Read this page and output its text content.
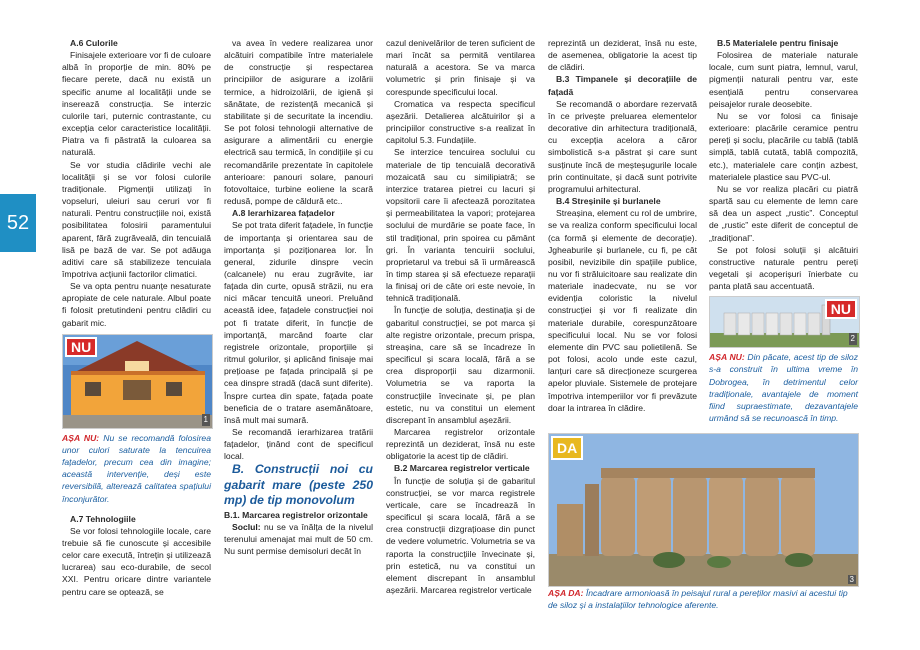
52

A.6 Culorile

Finisajele exterioare vor fi de culoare albă în proporție de min. 80% pe fiecare perete, dacă nu există un specific anume al localității unde se inserează construcția. Se interzic culorile tari, puternic contrastante, cu excepția celor caracteristice localității. Piatra va fi păstrată la culoarea sa naturală.

Se vor studia clădirile vechi ale localității și se vor folosi culorile tradiționale. Pigmenții utilizați în vopseluri, uleiuri sau ceruri vor fi naturali. Pentru construcțiile noi, există posibilitatea folosirii paramentului aparent, fără zugrăveală, din tencuială lisă pe bază de var. Se pot adăuga aditivi care să stabilizeze tencuiala împotriva acțiunii factorilor climatici.

Se va opta pentru nuanțe nesaturate apropiate de cele naturale. Albul poate fi folosit pretutindeni pentru clădiri cu gabarit mic.

NU
1

AȘA NU: Nu se recomandă folosirea unor culori saturate la tencuirea fațadelor, precum cea din imagine; această intervenție, deși este reversibilă, alterează calitatea spațiului înconjurător.

A.7 Tehnologiile

Se vor folosi tehnologiile locale, care trebuie să fie cunoscute și accesibile celor care execută, întrețin și utilizează lucrarea) sau eco-durabile, de secol XXI. Pentru oricare dintre variantele pentru care se optează, se

va avea în vedere realizarea unor alcătuiri compatibile între materialele de construcție și respectarea principiilor de asigurare a izolării termice, a hidroizolării, de igienă și sănătate, de rezistență mecanică și stabilitate și de securitate la incendiu. Se pot folosi tehnologii alternative de asigurare a alimentării cu energie electrică sau termică, în condițiile și cu recomandările prezentate în capitolele anterioare: panouri solare, panouri fotovoltaice, turbine eoliene la scară redusă, pompe de căldură etc..

A.8 Ierarhizarea fațadelor

Se pot trata diferit fațadele, în funcție de importanța și orientarea sau de importanța și poziționarea lor. În general, zidurile dinspre vecin (calcanele) nu erau zugrăvite, iar fațada din curte, opusă străzii, nu era nici măcar tencuită uneori. Preluând această idee, fațadele construcției noi pot fi tratate diferit, în funcție de importanță, marcând foarte clar registrele orizontale, proporțiile și ritmul golurilor, și aplicând finisaje mai prețioase pe fațada principală și pe cea dinspre stradă (dacă sunt diferite). Înspre curtea din spate, fațada poate beneficia de o tratare asemănătoare, însă mult mai sumară.

Se recomandă ierarhizarea tratării fațadelor, ținând cont de specificul local.

B. Construcții noi cu gabarit mare (peste 250 mp) de tip monovolum

B.1. Marcarea registrelor orizontale

Soclul: nu se va înălța de la nivelul terenului amenajat mai mult de 50 cm. Nu sunt permise demisoluri decât în

cazul denivelărilor de teren suficient de mari încât sa permită ventilarea naturală a acestora. Se va marca volumetric și prin finisaje și va corespunde specificului local.

Cromatica va respecta specificul așezării. Detalierea alcătuirilor și a principiilor constructive s-a realizat în capitolul 5.3. Fundațiile.

Se interzice tencuirea soclului cu materiale de tip tencuială decorativă mozaicată sau cu similipiatră; se interzice tratarea pietrei cu lacuri și vopsitorii care îi afectează porozitatea și permeabilitatea la vapori; protejarea soclului de murdărie se poate face, în stil tradițional, prin spoirea cu pământ gri. În varianta tencuirii soclului, proprietarul va trebui să îi urmărească în timp starea și să efectueze reparații la finisaj ori de câte ori este nevoie, în tehnică tradițională.

În funcție de soluția, destinația și de gabaritul construcției, se pot marca și alte registre orizontale, precum prispa, streașina, care să se încadreze în specificul și scara locală, fără a se crea disproporții sau dizarmonii. Volumetria se va raporta la construcțiile învecinate și, pe plan estetic, nu va constitui un element discrepant în ansamblul așezării.

Marcarea registrelor orizontale reprezintă un deziderat, însă nu este obligatorie la acest tip de clădiri.

B.2 Marcarea registrelor verticale

În funcție de soluția și de gabaritul construcției, se vor marca registrele verticale, care se încadrează în specificul și scara locală, fără a se crea construcții dizgrațioase din punct de vedere volumetric. Volumetria se va raporta la construcțiile învecinate și, prin estetică, nu va constitui un element discrepant în ansamblul așezării. Marcarea registrelor verticale

reprezintă un deziderat, însă nu este, de asemenea, obligatorie la acest tip de clădiri.

B.3 Timpanele și decorațiile de fațadă

Se recomandă o abordare rezervată în ce privește preluarea elementelor decorative din arhitectura tradițională, cu excepția acelora a căror simbolistică s-a păstrat și care sunt susținute încă de meșteșugurile locale prin continuitate, și dacă sunt potrivite programului arhitectural.

B.4 Streșinile și burlanele

Streașina, element cu rol de umbrire, se va realiza conform specificului local (ca formă și elemente de decorație). Jgheaburile și burlanele, cu fi, pe cât posibil, nevizibile din spațiile publice, nu vor fi străluicitoare sau realizate din materiale inadecvate, nu se vor evidenția coloristic la nivelul construcției și vor fi realizate din materiale durabile, corespunzătoare specificului local. Nu se vor folosi elemente din PVC sau polietilenă. Se pot folosi, acolo unde este cazul, lanțuri care să direcționeze scurgerea apelor pluviale. Sistemele de protejare împotriva intemperiilor vor fi prevăzute doar la intrarea în clădire.

B.5 Materialele pentru finisaje

Folosirea de materiale naturale locale, cum sunt piatra, lemnul, varul, pigmenții naturali pentru var, este esențială pentru conservarea peisajelor rurale deosebite.

Nu se vor folosi ca finisaje exterioare: placările ceramice pentru pereți și soclu, placările cu tablă (tablă simplă, tablă cutată, tablă compozită, etc.), materialele care conțin azbest, materialele plastice sau PVC-ul.

Nu se vor realiza placări cu piatră spartă sau cu elemente de lemn care să dea un aspect „rustic”. Conceptul de „rustic” este diferit de conceptul de „tradițional”.

Se pot folosi soluții și alcătuiri constructive naturale pentru pereți vegetali și acoperișuri înierbate cu panta plată sau accentuată.

NU
2

AȘA NU: Din păcate, acest tip de siloz s-a construit în ultima vreme în Dobrogea, în detrimentul celor tradiționale, avantajele de moment fiind supraestimate, dezavantajele urmând să se recunoască în timp.

DA
3

AȘA DA: Încadrare armonioasă în peisajul rural a pereților masivi ai acestui tip de siloz și a instalațiilor tehnologice aferente.
